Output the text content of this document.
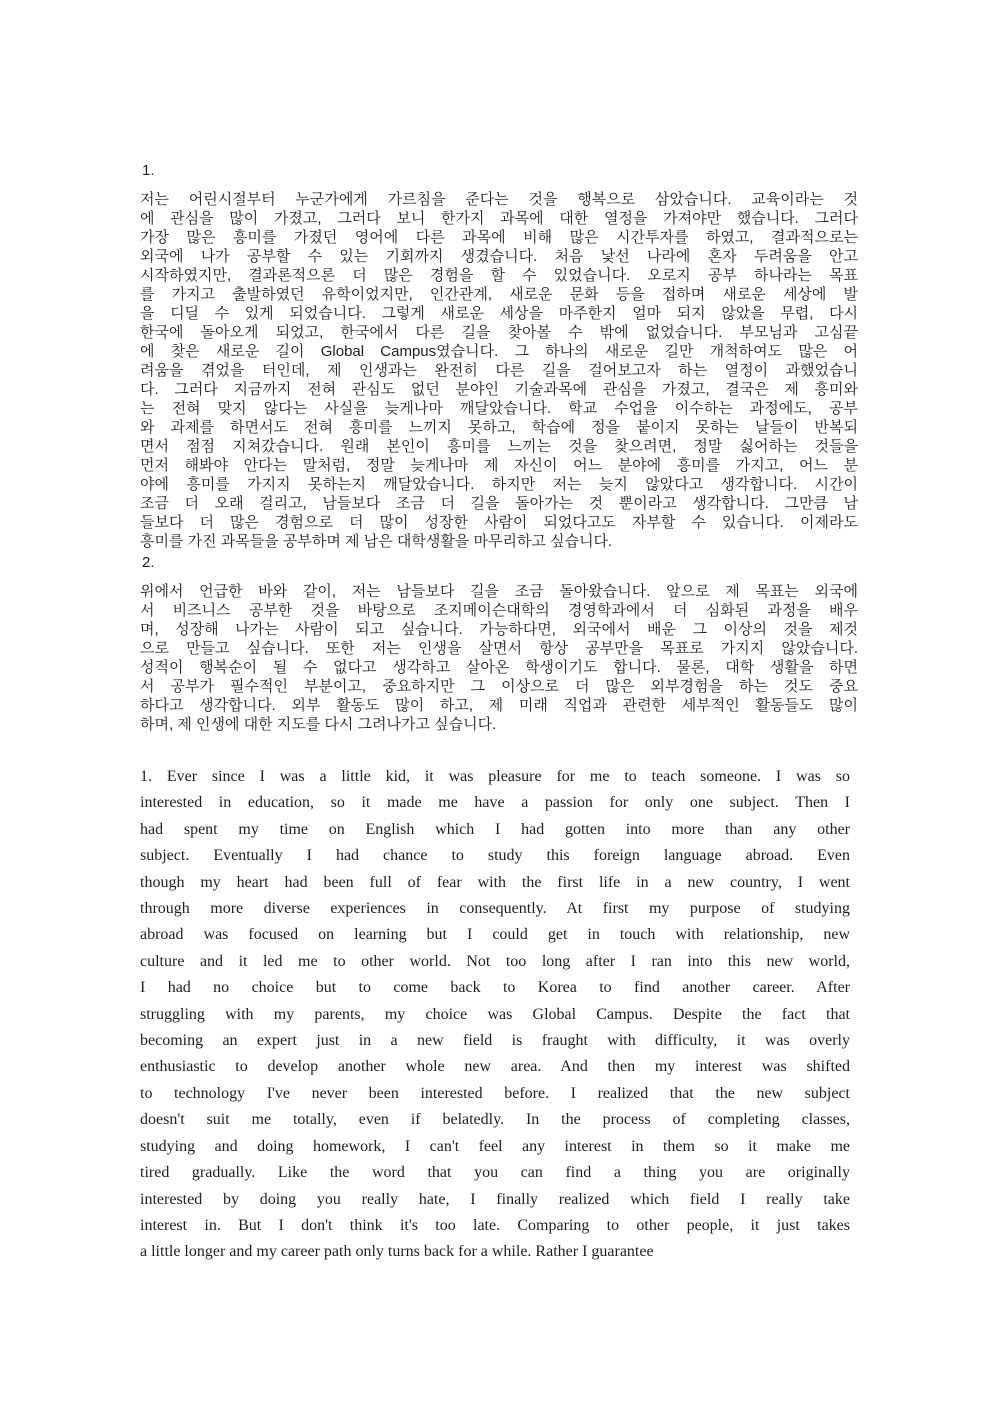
1.
저는 어린시절부터 누군가에게 가르침을 준다는 것을 행복으로 삼았습니다. 교육이라는 것
에 관심을 많이 가졌고, 그러다 보니 한가지 과목에 대한 열정을 가져야만 했습니다. 그러다
가장 많은 흥미를 가졌던 영어에 다른 과목에 비해 많은 시간투자를 하였고, 결과적으로는
외국에 나가 공부할 수 있는 기회까지 생겼습니다. 처음 낯선 나라에 혼자 두려움을 안고
시작하였지만, 결과론적으론 더 많은 경험을 할 수 있었습니다. 오로지 공부 하나라는 목표
를 가지고 출발하였던 유학이었지만, 인간관계, 새로운 문화 등을 접하며 새로운 세상에 발
을 디딜 수 있게 되었습니다. 그렇게 새로운 세상을 마주한지 얼마 되지 않았을 무렵, 다시
한국에 돌아오게 되었고, 한국에서 다른 길을 찾아볼 수 밖에 없었습니다. 부모님과 고심끝
에 찾은 새로운 길이 Global Campus였습니다. 그 하나의 새로운 길만 개척하여도 많은 어
려움을 겪었을 터인데, 제 인생과는 완전히 다른 길을 걸어보고자 하는 열정이 과했었습니
다. 그러다 지금까지 전혀 관심도 없던 분야인 기술과목에 관심을 가졌고, 결국은 제 흥미와
는 전혀 맞지 않다는 사실을 늦게나마 깨달았습니다. 학교 수업을 이수하는 과정에도, 공부
와 과제를 하면서도 전혀 흥미를 느끼지 못하고, 학습에 정을 붙이지 못하는 날들이 반복되
면서 점점 지쳐갔습니다. 원래 본인이 흥미를 느끼는 것을 찾으려면, 정말 싫어하는 것들을
먼저 해봐야 안다는 말처럼, 정말 늦게나마 제 자신이 어느 분야에 흥미를 가지고, 어느 분
야에 흥미를 가지지 못하는지 깨달았습니다. 하지만 저는 늦지 않았다고 생각합니다. 시간이
조금 더 오래 걸리고, 남들보다 조금 더 길을 돌아가는 것 뿐이라고 생각합니다. 그만큼 남
들보다 더 많은 경험으로 더 많이 성장한 사람이 되었다고도 자부할 수 있습니다. 이제라도
흥미를 가진 과목들을 공부하며 제 남은 대학생활을 마무리하고 싶습니다.
2.
위에서 언급한 바와 같이, 저는 남들보다 길을 조금 돌아왔습니다. 앞으로 제 목표는 외국에
서 비즈니스 공부한 것을 바탕으로 조지메이슨대학의 경영학과에서 더 심화된 과정을 배우
며, 성장해 나가는 사람이 되고 싶습니다. 가능하다면, 외국에서 배운 그 이상의 것을 제것
으로 만들고 싶습니다. 또한 저는 인생을 살면서 항상 공부만을 목표로 가지지 않았습니다.
성적이 행복순이 될 수 없다고 생각하고 살아온 학생이기도 합니다. 물론, 대학 생활을 하면
서 공부가 필수적인 부분이고, 중요하지만 그 이상으로 더 많은 외부경험을 하는 것도 중요
하다고 생각합니다. 외부 활동도 많이 하고, 제 미래 직업과 관련한 세부적인 활동들도 많이
하며, 제 인생에 대한 지도를 다시 그려나가고 싶습니다.
1. Ever since I was a little kid, it was pleasure for me to teach someone. I was so
interested in education, so it made me have a passion for only one subject. Then I
had spent my time on English which I had gotten into more than any other
subject. Eventually I had chance to study this foreign language abroad. Even
though my heart had been full of fear with the first life in a new country, I went
through more diverse experiences in consequently. At first my purpose of studying
abroad was focused on learning but I could get in touch with relationship, new
culture and it led me to other world. Not too long after I ran into this new world,
I had no choice but to come back to Korea to find another career. After
struggling with my parents, my choice was Global Campus. Despite the fact that
becoming an expert just in a new field is fraught with difficulty, it was overly
enthusiastic to develop another whole new area. And then my interest was shifted
to technology I've never been interested before. I realized that the new subject
doesn't suit me totally, even if belatedly. In the process of completing classes,
studying and doing homework, I can't feel any interest in them so it make me
tired gradually. Like the word that you can find a thing you are originally
interested by doing you really hate, I finally realized which field I really take
interest in. But I don't think it's too late. Comparing to other people, it just takes
a little longer and my career path only turns back for a while. Rather I guarantee
